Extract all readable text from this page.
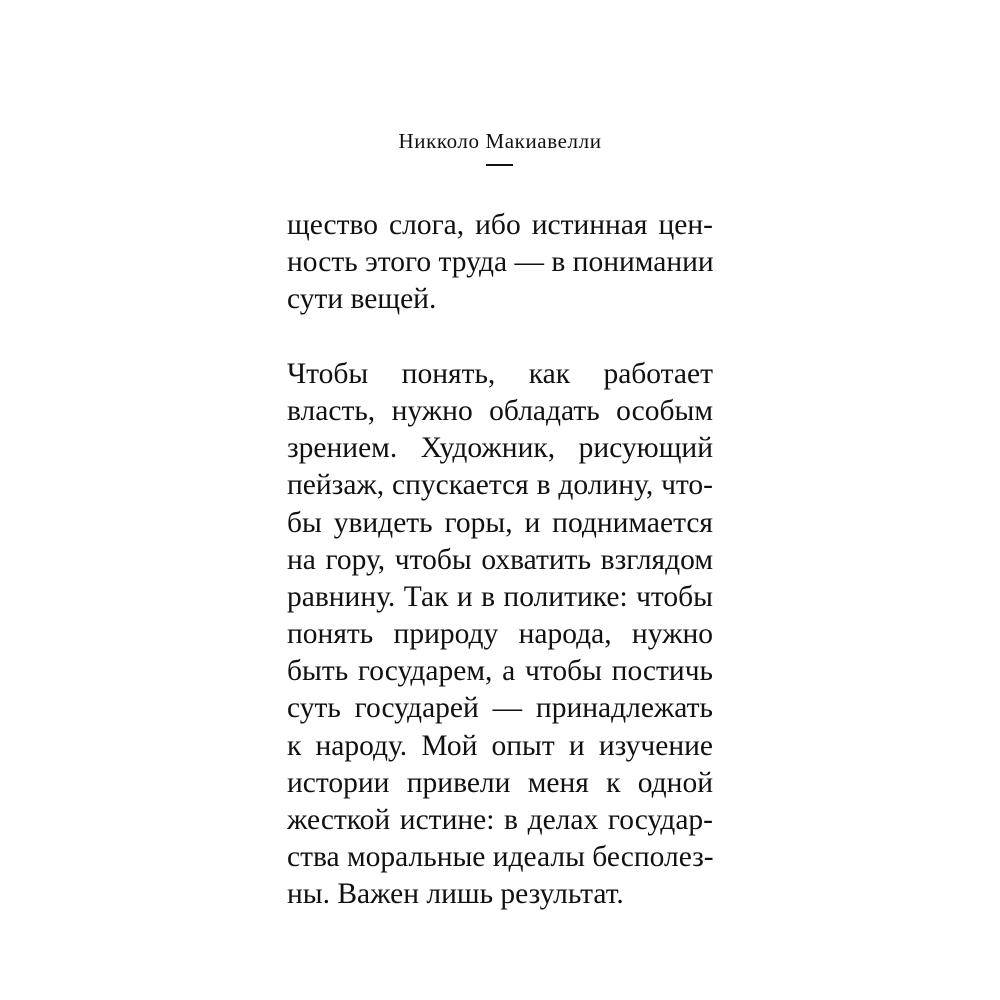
Никколо Макиавелли
щество слога, ибо истинная цен-
ность этого труда — в понимании
сути вещей.
Чтобы понять, как работает
власть, нужно обладать особым
зрением. Художник, рисующий
пейзаж, спускается в долину, что-
бы увидеть горы, и поднимается
на гору, чтобы охватить взглядом
равнину. Так и в политике: чтобы
понять природу народа, нужно
быть государем, а чтобы постичь
суть государей — принадлежать
к народу. Мой опыт и изучение
истории привели меня к одной
жесткой истине: в делах государ-
ства моральные идеалы бесполез-
ны. Важен лишь результат.
